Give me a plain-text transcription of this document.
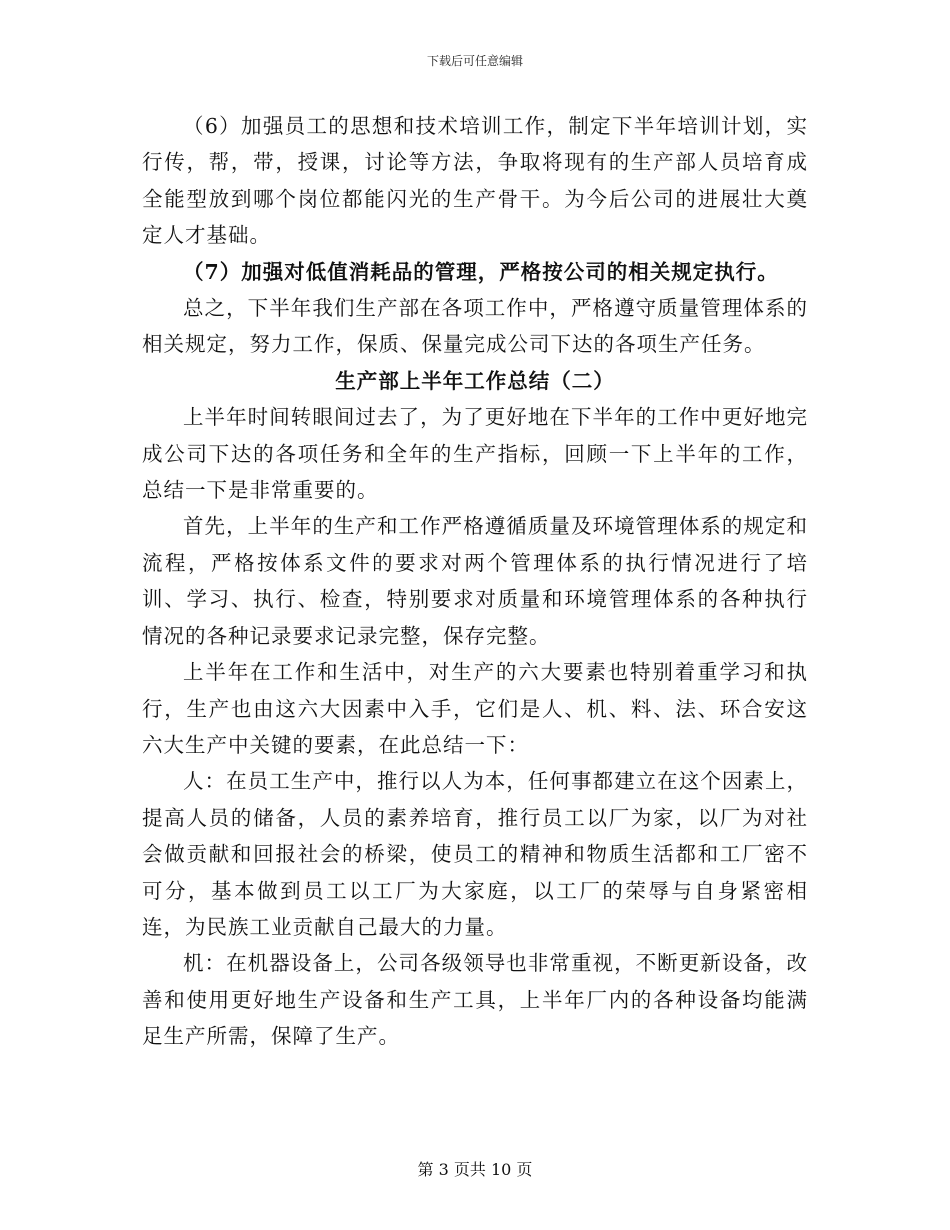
下载后可任意编辑

（6）加强员工的思想和技术培训工作，制定下半年培训计划，实行传，帮，带，授课，讨论等方法，争取将现有的生产部人员培育成全能型放到哪个岗位都能闪光的生产骨干。为今后公司的进展壮大奠定人才基础。

（7）加强对低值消耗品的管理，严格按公司的相关规定执行。

总之，下半年我们生产部在各项工作中，严格遵守质量管理体系的相关规定，努力工作，保质、保量完成公司下达的各项生产任务。

生产部上半年工作总结（二）

上半年时间转眼间过去了，为了更好地在下半年的工作中更好地完成公司下达的各项任务和全年的生产指标，回顾一下上半年的工作，总结一下是非常重要的。

首先，上半年的生产和工作严格遵循质量及环境管理体系的规定和流程，严格按体系文件的要求对两个管理体系的执行情况进行了培训、学习、执行、检查，特别要求对质量和环境管理体系的各种执行情况的各种记录要求记录完整，保存完整。

上半年在工作和生活中，对生产的六大要素也特别着重学习和执行，生产也由这六大因素中入手，它们是人、机、料、法、环合安这六大生产中关键的要素，在此总结一下：

人：在员工生产中，推行以人为本，任何事都建立在这个因素上，提高人员的储备，人员的素养培育，推行员工以厂为家，以厂为对社会做贡献和回报社会的桥梁，使员工的精神和物质生活都和工厂密不可分，基本做到员工以工厂为大家庭，以工厂的荣辱与自身紧密相连，为民族工业贡献自己最大的力量。

机：在机器设备上，公司各级领导也非常重视，不断更新设备，改善和使用更好地生产设备和生产工具，上半年厂内的各种设备均能满足生产所需，保障了生产。

第 3 页共 10 页
